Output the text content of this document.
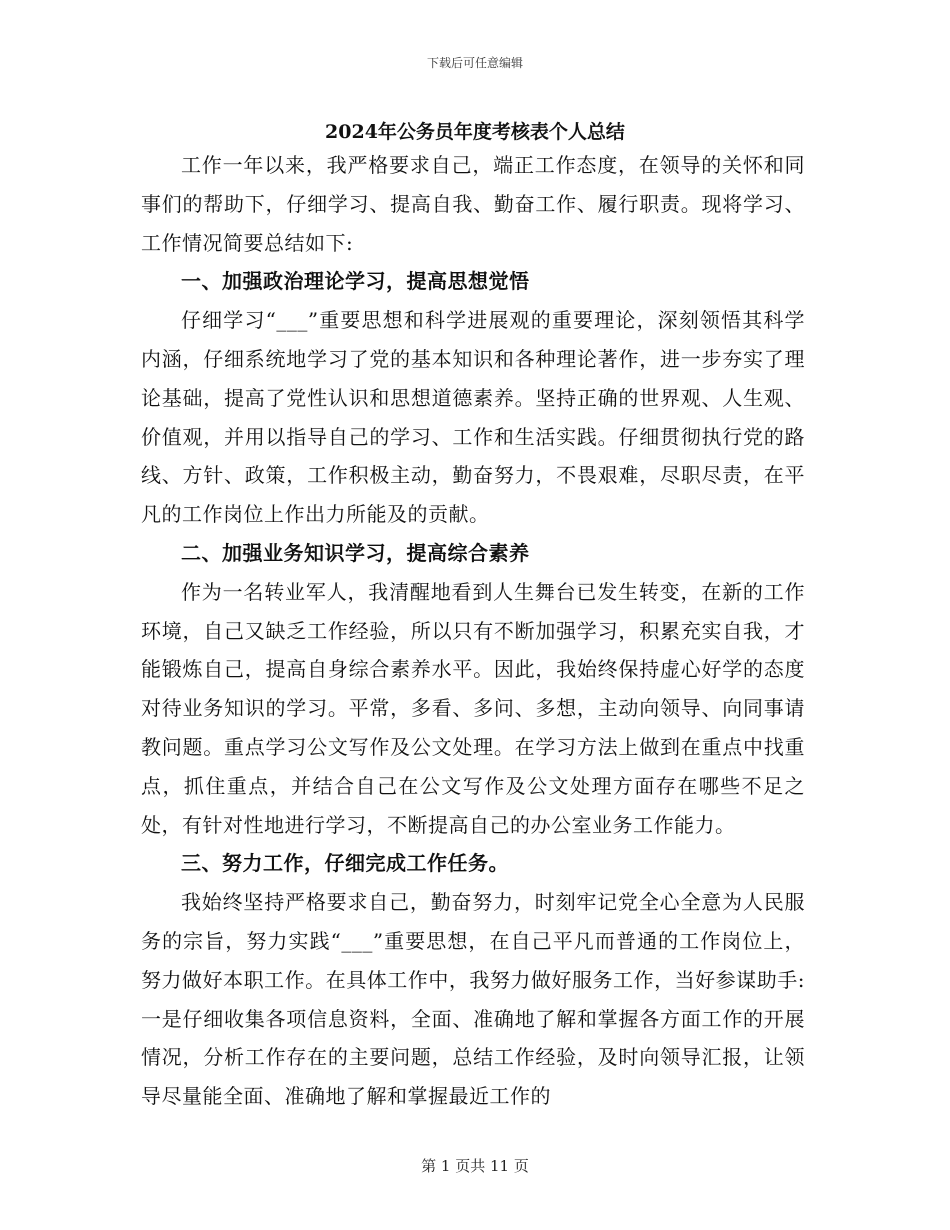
下载后可任意编辑
2024年公务员年度考核表个人总结

工作一年以来，我严格要求自己，端正工作态度，在领导的关怀和同事们的帮助下，仔细学习、提高自我、勤奋工作、履行职责。现将学习、工作情况简要总结如下:

一、加强政治理论学习，提高思想觉悟

仔细学习“___”重要思想和科学进展观的重要理论，深刻领悟其科学内涵，仔细系统地学习了党的基本知识和各种理论著作，进一步夯实了理论基础，提高了党性认识和思想道德素养。坚持正确的世界观、人生观、价值观，并用以指导自己的学习、工作和生活实践。仔细贯彻执行党的路线、方针、政策，工作积极主动，勤奋努力，不畏艰难，尽职尽责，在平凡的工作岗位上作出力所能及的贡献。

二、加强业务知识学习，提高综合素养

作为一名转业军人，我清醒地看到人生舞台已发生转变，在新的工作环境，自己又缺乏工作经验，所以只有不断加强学习，积累充实自我，才能锻炼自己，提高自身综合素养水平。因此，我始终保持虚心好学的态度对待业务知识的学习。平常，多看、多问、多想，主动向领导、向同事请教问题。重点学习公文写作及公文处理。在学习方法上做到在重点中找重点，抓住重点，并结合自己在公文写作及公文处理方面存在哪些不足之处，有针对性地进行学习，不断提高自己的办公室业务工作能力。

三、努力工作，仔细完成工作任务。

我始终坚持严格要求自己，勤奋努力，时刻牢记党全心全意为人民服务的宗旨，努力实践“___”重要思想，在自己平凡而普通的工作岗位上，努力做好本职工作。在具体工作中，我努力做好服务工作，当好参谋助手:一是仔细收集各项信息资料，全面、准确地了解和掌握各方面工作的开展情况，分析工作存在的主要问题，总结工作经验，及时向领导汇报，让领导尽量能全面、准确地了解和掌握最近工作的

第 1 页共 11 页
